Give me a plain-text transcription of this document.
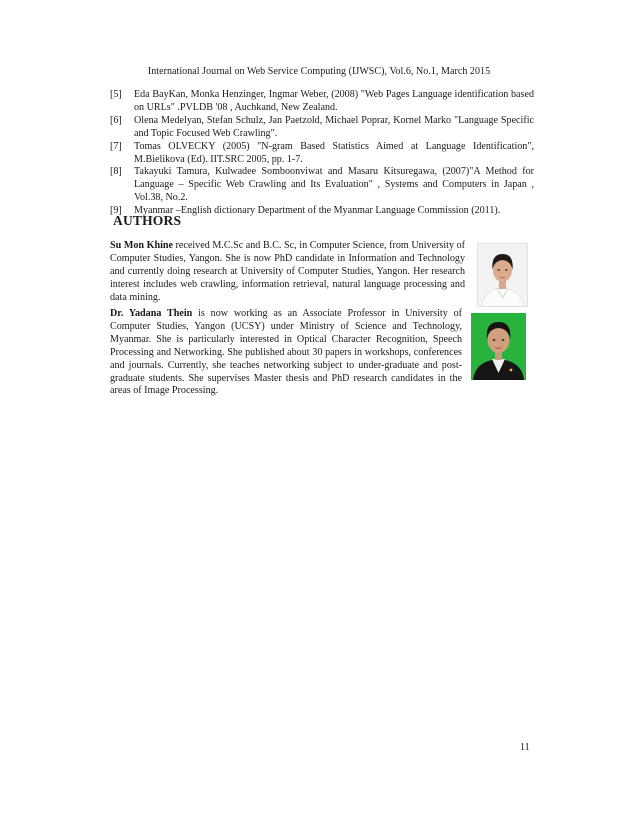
International Journal on Web Service Computing (IJWSC), Vol.6, No.1, March 2015
[5]	Eda BayKan, Monka Henzinger, Ingmar Weber, (2008) "Web Pages Language identification based on URLs" .PVLDB '08 , Auchkand, New Zealand.
[6]	Olena Medelyan, Stefan Schulz, Jan Paetzold, Michael Poprar, Kornel Marko "Language Specific and Topic Focused Web Crawling".
[7]	Tomas OLVECKY (2005) "N-gram Based Statistics Aimed at Language Identification", M.Bielikova (Ed). IIT.SRC 2005, pp. 1-7.
[8]	Takayuki Tamura, Kulwadee Somboonviwat and Masaru Kitsuregawa, (2007)"A Method for Language – Specific Web Crawling and Its Evaluation" , Systems and Computers in Japan , Vol.38, No.2.
[9]	Myanmar –English dictionary Department of the Myanmar Language Commission (2011).
AUTHORS
Su Mon Khine received M.C.Sc and B.C. Sc, in Computer Science, from University of Computer Studies, Yangon. She is now PhD candidate in Information and Technology and currently doing research at University of Computer Studies, Yangon. Her research interest includes web crawling, information retrieval, natural language processing and data mining.
Dr. Yadana Thein is now working as an Associate Professor in University of Computer Studies, Yangon (UCSY) under Ministry of Science and Technology, Myanmar. She is particularly interested in Optical Character Recognition, Speech Processing and Networking. She published about 30 papers in workshops, conferences and journals. Currently, she teaches networking subject to under-graduate and post-graduate students. She supervises Master thesis and PhD research candidates in the areas of Image Processing.
11
